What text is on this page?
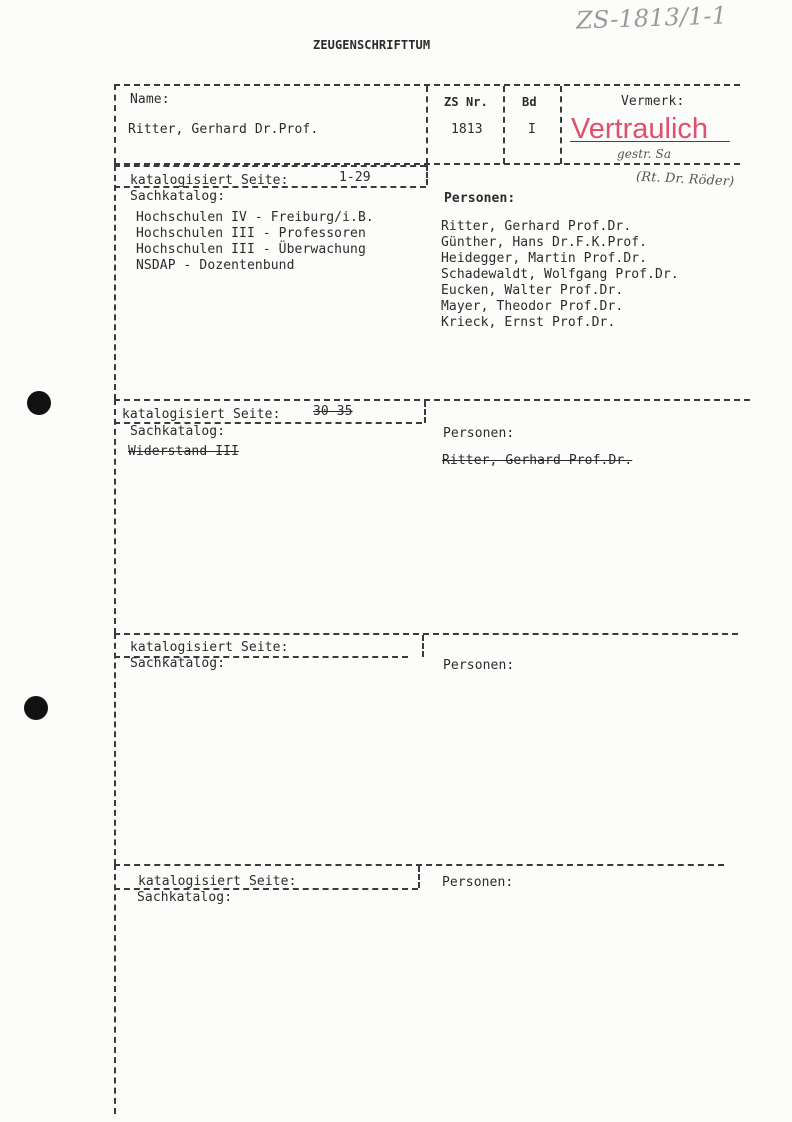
ZS-1813/1-1
ZEUGENSCHRIFTTUM
Name:
Ritter, Gerhard Dr.Prof.
ZS Nr.
1813
Bd
I
Vermerk:
Vertraulich
gestr. Sa
(Rt. Dr. Röder)
katalogisiert Seite:	1-29
Sachkatalog:
Hochschulen IV - Freiburg/i.B.
Hochschulen III - Professoren
Hochschulen III - Überwachung
NSDAP - Dozentenbund
Personen:
Ritter, Gerhard Prof.Dr.
Günther, Hans Dr.F.K.Prof.
Heidegger, Martin Prof.Dr.
Schadewaldt, Wolfgang Prof.Dr.
Eucken, Walter Prof.Dr.
Mayer, Theodor Prof.Dr.
Krieck, Ernst Prof.Dr.
katalogisiert Seite: 30-35
Sachkatalog:
Widerstand III
Personen:
Ritter, Gerhard Prof.Dr.
katalogisiert Seite:
Sachkatalog:	Personen:
katalogisiert Seite:
Sachkatalog:
Personen:
